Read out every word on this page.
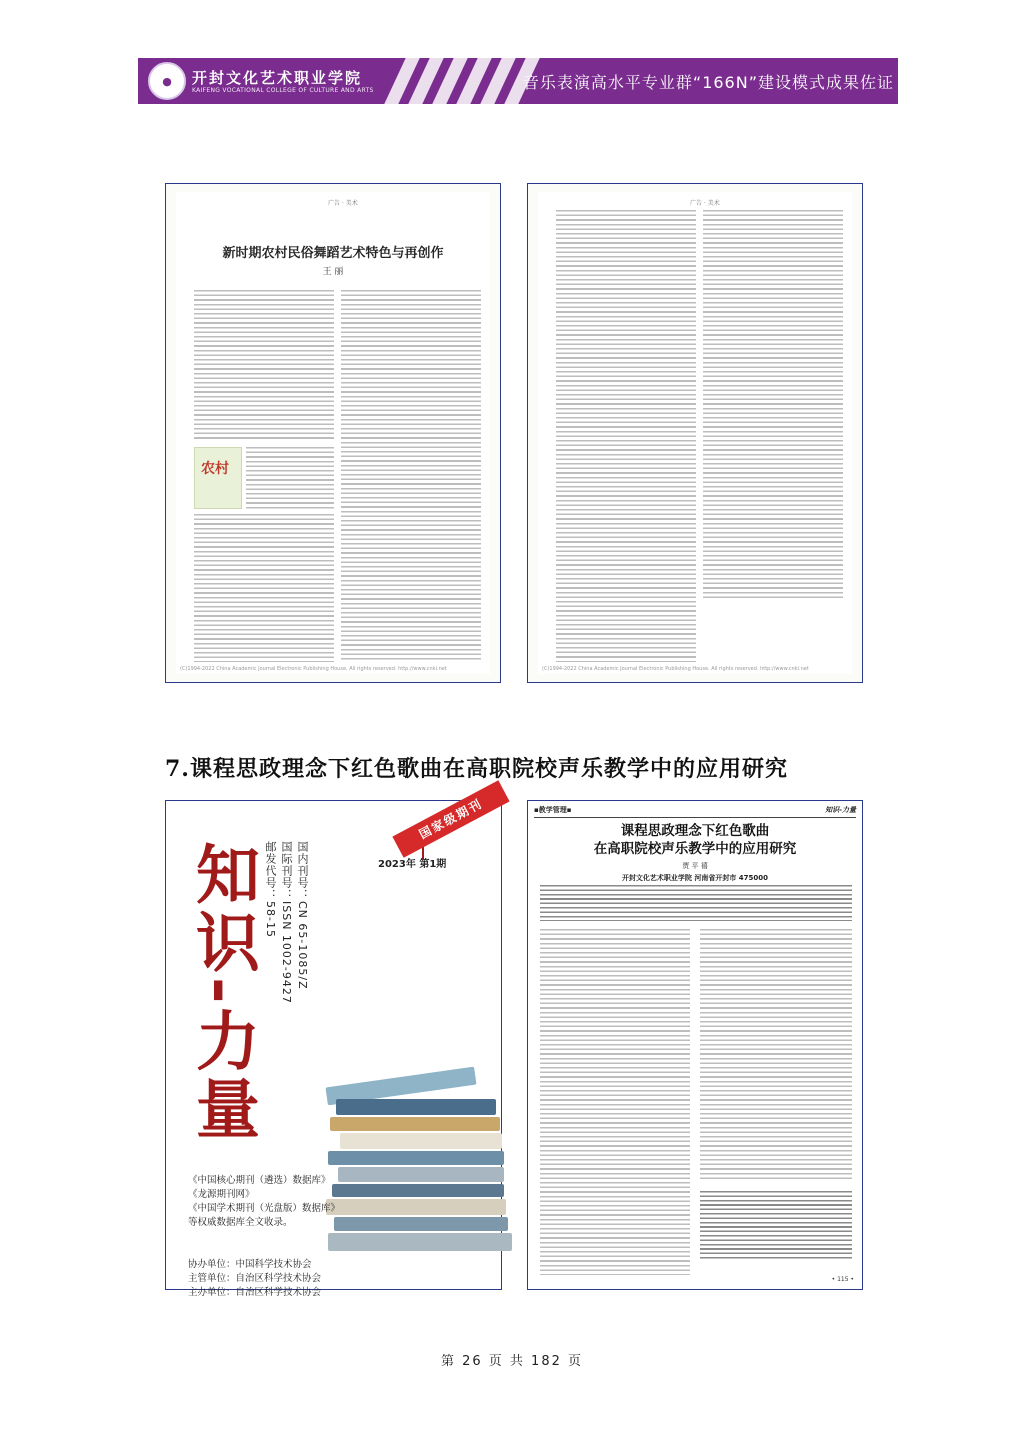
●	开封文化艺术职业学院
KAIFENG VOCATIONAL COLLEGE OF CULTURE AND ARTS	音乐表演高水平专业群“166N”建设模式成果佐证
广告 · 美术
新时期农村民俗舞蹈艺术特色与再创作
王 丽
农村
(C)1994-2022 China Academic Journal Electronic Publishing House. All rights reserved. http://www.cnki.net
广告 · 美术
(C)1994-2022 China Academic Journal Electronic Publishing House. All rights reserved. http://www.cnki.net
7.课程思政理念下红色歌曲在高职院校声乐教学中的应用研究
知识-力量	国内刊号：CN 65-1085/Z
国际刊号：ISSN 1002-9427
邮发代号：58-15	2023年 第1期
国家级期刊
《中国核心期刊（遴选）数据库》
《龙源期刊网》
《中国学术期刊（光盘版）数据库》
等权威数据库全文收录。
协办单位：中国科学技术协会
主管单位：自治区科学技术协会
主办单位：自治区科学技术协会
▪教学管理▪	知识-力量
课程思政理念下红色歌曲
在高职院校声乐教学中的应用研究
贾 平 禧
开封文化艺术职业学院 河南省开封市 475000
• 115 •
第 26 页 共 182 页
